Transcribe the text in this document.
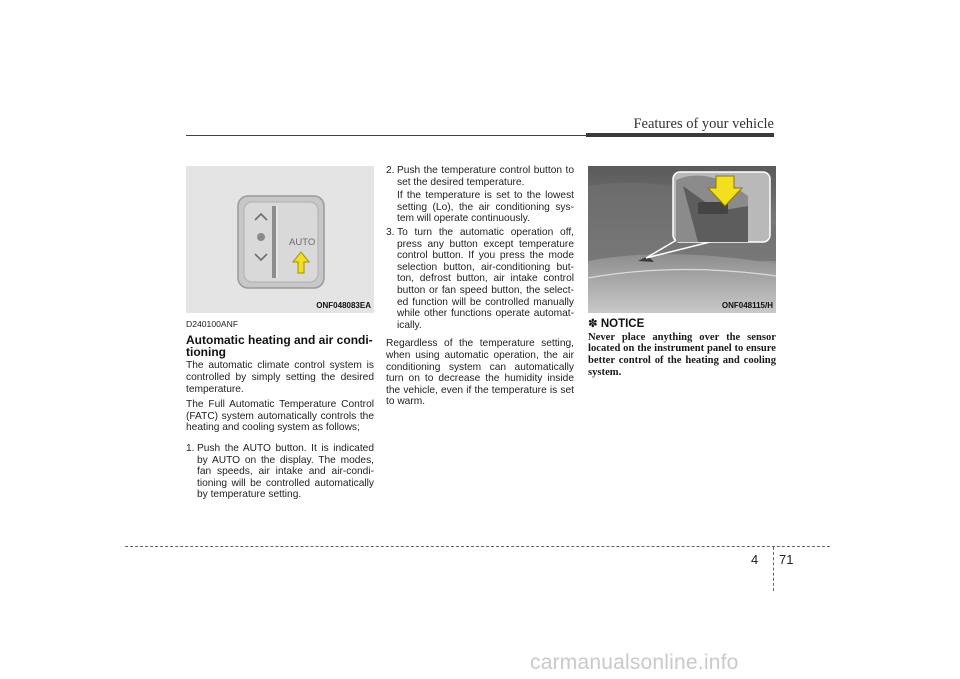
Features of your vehicle
AUTO
ONF048083EA
D240100ANF
Automatic heating and air condi-
tioning

The automatic climate control system is controlled by simply setting the desired temperature.

The Full Automatic Temperature Control (FATC) system automatically controls the heating and cooling system as follows;

1. Push the AUTO button. It is indicated by AUTO on the display. The modes, fan speeds, air intake and air-condi-tioning will be controlled automatically by temperature setting.
2. Push the temperature control button to set the desired temperature.
If the temperature is set to the lowest setting (Lo), the air conditioning sys-tem will operate continuously.
3. To turn the automatic operation off, press any button except temperature control button. If you press the mode selection button, air-conditioning but-ton, defrost button, air intake control button or fan speed button, the select-ed function will be controlled manually while other functions operate automat-ically.

Regardless of the temperature setting, when using automatic operation, the air conditioning system can automatically turn on to decrease the humidity inside the vehicle, even if the temperature is set to warm.

ONF048115/H
✽ NOTICE
Never place anything over the sensor located on the instrument panel to ensure better control of the heating and cooling system.
4 71
carmanualsonline.info
